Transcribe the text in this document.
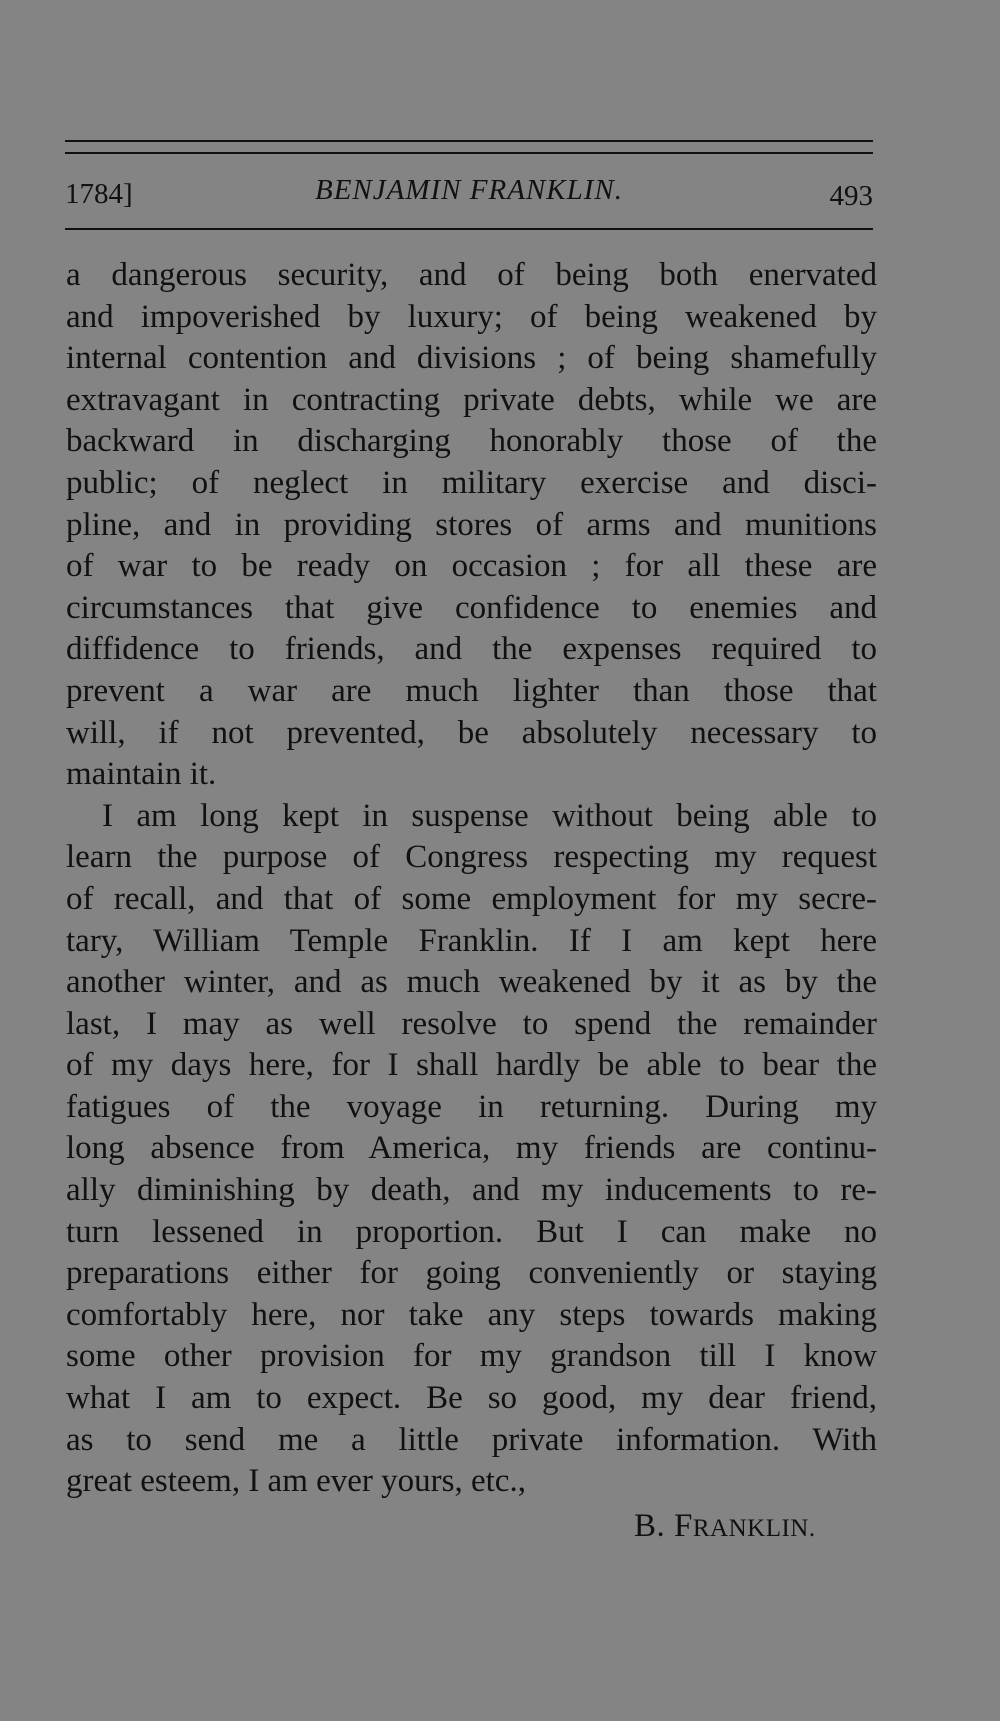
1784]	BENJAMIN FRANKLIN.	493
a dangerous security, and of being both enervated
and impoverished by luxury; of being weakened by
internal contention and divisions ; of being shamefully
extravagant in contracting private debts, while we are
backward in discharging honorably those of the
public; of neglect in military exercise and disci-
pline, and in providing stores of arms and munitions
of war to be ready on occasion ; for all these are
circumstances that give confidence to enemies and
diffidence to friends, and the expenses required to
prevent a war are much lighter than those that
will, if not prevented, be absolutely necessary to
maintain it.
I am long kept in suspense without being able to
learn the purpose of Congress respecting my request
of recall, and that of some employment for my secre-
tary, William Temple Franklin. If I am kept here
another winter, and as much weakened by it as by the
last, I may as well resolve to spend the remainder
of my days here, for I shall hardly be able to bear the
fatigues of the voyage in returning. During my
long absence from America, my friends are continu-
ally diminishing by death, and my inducements to re-
turn lessened in proportion. But I can make no
preparations either for going conveniently or staying
comfortably here, nor take any steps towards making
some other provision for my grandson till I know
what I am to expect. Be so good, my dear friend,
as to send me a little private information. With
great esteem, I am ever yours, etc.,
B. FRANKLIN.
